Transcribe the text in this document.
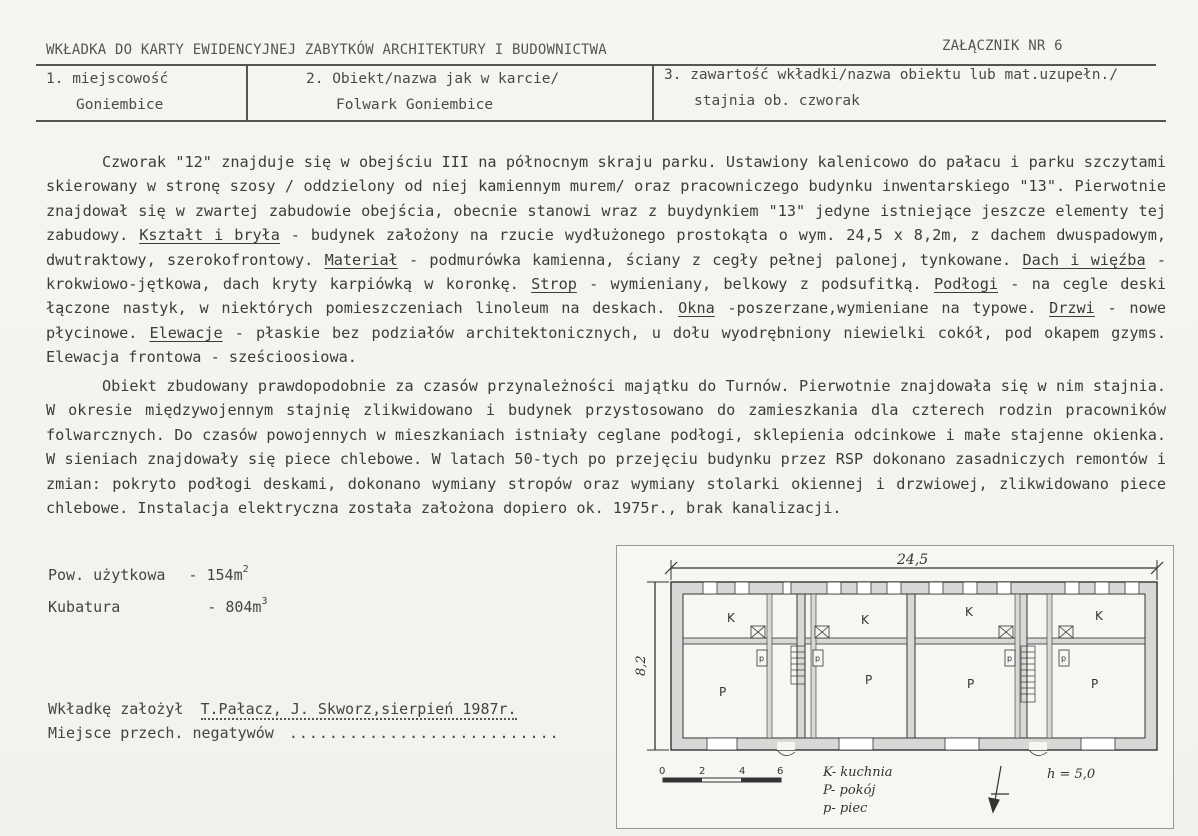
WKŁADKA DO KARTY EWIDENCYJNEJ ZABYTKÓW ARCHITEKTURY I BUDOWNICTWA	ZAŁĄCZNIK NR 6
1. miejscowość
Goniembice
2. Obiekt/nazwa jak w karcie/
Folwark Goniembice
3. zawartość wkładki/nazwa obiektu lub mat.uzupełn./
stajnia ob. czworak

Czworak "12" znajduje się w obejściu III na północnym skraju parku. Ustawiony kalenicowo do pałacu i parku szczytami skierowany w stronę szosy / oddzielony od niej kamiennym murem/ oraz pracowniczego budynku inwentarskiego "13". Pierwotnie znajdował się w zwartej zabudowie obejścia, obecnie stanowi wraz z buydynkiem "13" jedyne istniejące jeszcze elementy tej zabudowy. Kształt i bryła - budynek założony na rzucie wydłużonego prostokąta o wym. 24,5 x 8,2m, z dachem dwuspadowym, dwutraktowy, szerokofrontowy. Materiał - podmurówka kamienna, ściany z cegły pełnej palonej, tynkowane. Dach i więźba - krokwiowo-jętkowa, dach kryty karpiówką w koronkę. Strop - wymieniany, belkowy z podsufitką. Podłogi - na cegle deski łączone nastyk, w niektórych pomieszczeniach linoleum na deskach. Okna -poszerzane,wymieniane na typowe. Drzwi - nowe płycinowe. Elewacje - płaskie bez podziałów architektonicznych, u dołu wyodrębniony niewielki cokół, pod okapem gzyms. Elewacja frontowa - sześcioosiowa.

Obiekt zbudowany prawdopodobnie za czasów przynależności majątku do Turnów. Pierwotnie znajdowała się w nim stajnia. W okresie międzywojennym stajnię zlikwidowano i budynek przystosowano do zamieszkania dla czterech rodzin pracowników folwarcznych. Do czasów powojennych w mieszkaniach istniały ceglane podłogi, sklepienia odcinkowe i małe stajenne okienka. W sieniach znajdowały się piece chlebowe. W latach 50-tych po przejęciu budynku przez RSP dokonano zasadniczych remontów i zmian: pokryto podłogi deskami, dokonano wymiany stropów oraz wymiany stolarki okiennej i drzwiowej, zlikwidowano piece chlebowe. Instalacja elektryczna została założona dopiero ok. 1975r., brak kanalizacji.
Pow. użytkowa - $154m^2$
Kubatura	- $804m^3$
Wkładkę założył T.Pałacz, J. Skworz,sierpień 1987r.
Miejsce przech. negatywów ...........................
K	K
K	K
P
P	P	P
p	p	p	p
24,5
8,2
0	2	4	6	K- kuchnia
P- pokój
p- piec
h = 5,0
